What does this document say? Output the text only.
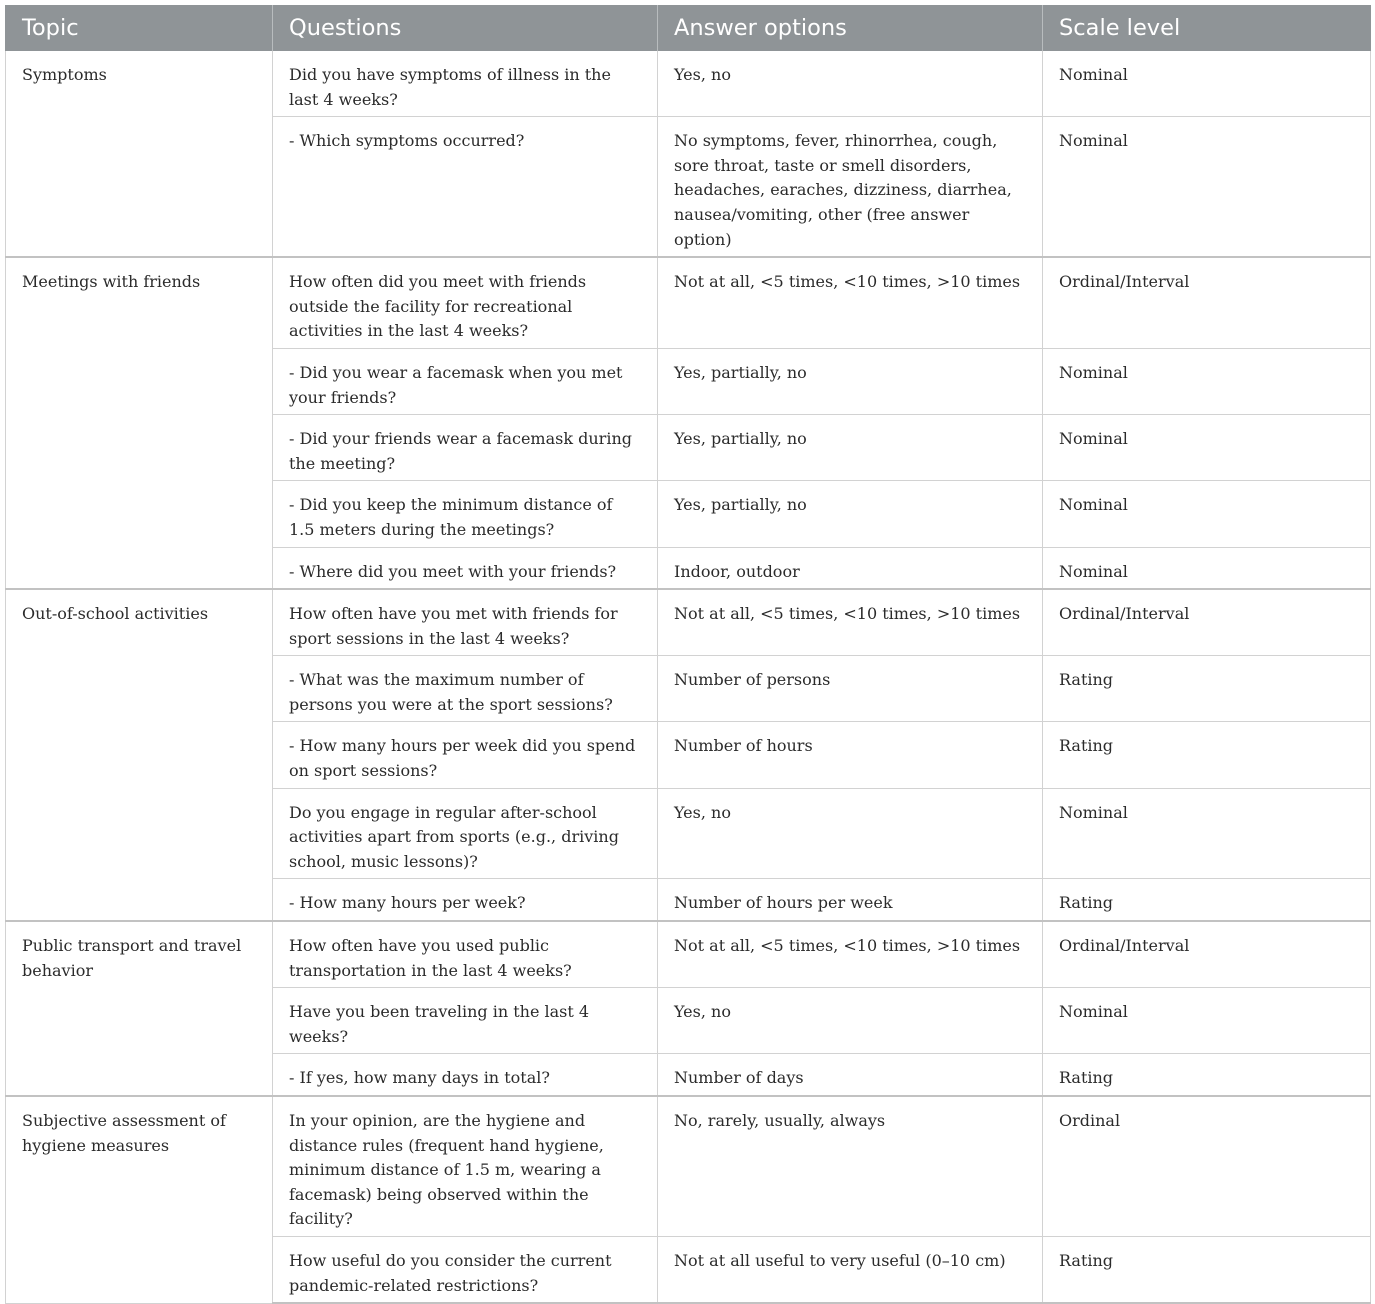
Topic	Questions	Answer options	Scale level
Symptoms	Did you have symptoms of illness in the last 4 weeks?	Yes, no	Nominal
	- Which symptoms occurred?	No symptoms, fever, rhinorrhea, cough, sore throat, taste or smell disorders, headaches, earaches, dizziness, diarrhea, nausea/vomiting, other (free answer option)	Nominal
Meetings with friends	How often did you meet with friends outside the facility for recreational activities in the last 4 weeks?	Not at all, <5 times, <10 times, >10 times	Ordinal/Interval
	- Did you wear a facemask when you met your friends?	Yes, partially, no	Nominal
	- Did your friends wear a facemask during the meeting?	Yes, partially, no	Nominal
	- Did you keep the minimum distance of 1.5 meters during the meetings?	Yes, partially, no	Nominal
	- Where did you meet with your friends?	Indoor, outdoor	Nominal
Out-of-school activities	How often have you met with friends for sport sessions in the last 4 weeks?	Not at all, <5 times, <10 times, >10 times	Ordinal/Interval
	- What was the maximum number of persons you were at the sport sessions?	Number of persons	Rating
	- How many hours per week did you spend on sport sessions?	Number of hours	Rating
	Do you engage in regular after-school activities apart from sports (e.g., driving school, music lessons)?	Yes, no	Nominal
	- How many hours per week?	Number of hours per week	Rating
Public transport and travel behavior	How often have you used public transportation in the last 4 weeks?	Not at all, <5 times, <10 times, >10 times	Ordinal/Interval
	Have you been traveling in the last 4 weeks?	Yes, no	Nominal
	- If yes, how many days in total?	Number of days	Rating
Subjective assessment of hygiene measures	In your opinion, are the hygiene and distance rules (frequent hand hygiene, minimum distance of 1.5 m, wearing a facemask) being observed within the facility?	No, rarely, usually, always	Ordinal
	How useful do you consider the current pandemic-related restrictions?	Not at all useful to very useful (0–10 cm)	Rating
